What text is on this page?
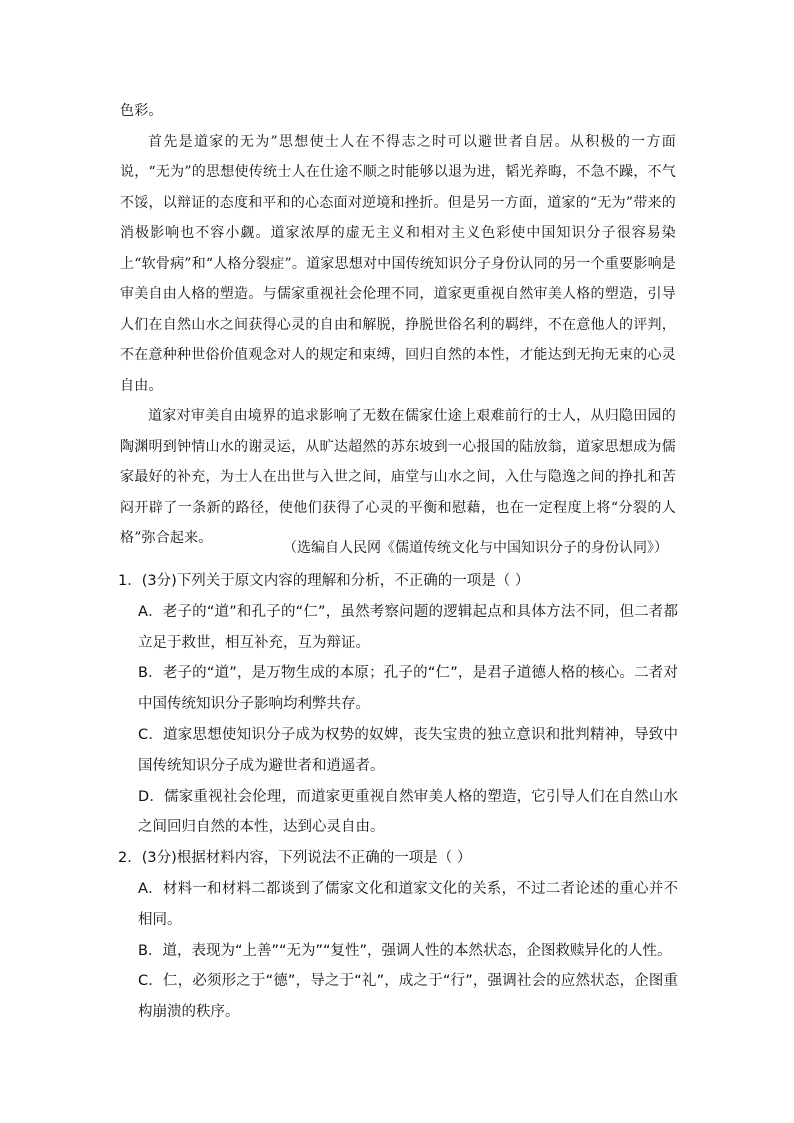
色彩。

首先是道家的无为”思想使士人在不得志之时可以避世者自居。从积极的一方面说，“无为”的思想使传统士人在仕途不顺之时能够以退为进，韬光养晦，不急不躁，不气不馁，以辩证的态度和平和的心态面对逆境和挫折。但是另一方面，道家的“无为”带来的消极影响也不容小觑。道家浓厚的虚无主义和相对主义色彩使中国知识分子很容易染上“软骨病”和“人格分裂症”。道家思想对中国传统知识分子身份认同的另一个重要影响是审美自由人格的塑造。与儒家重视社会伦理不同，道家更重视自然审美人格的塑造，引导人们在自然山水之间获得心灵的自由和解脱，挣脱世俗名利的羁绊，不在意他人的评判，不在意种种世俗价值观念对人的规定和束缚，回归自然的本性，才能达到无拘无束的心灵自由。

道家对审美自由境界的追求影响了无数在儒家仕途上艰难前行的士人，从归隐田园的陶渊明到钟情山水的谢灵运，从旷达超然的苏东坡到一心报国的陆放翁，道家思想成为儒家最好的补充，为士人在出世与入世之间，庙堂与山水之间，入仕与隐逸之间的挣扎和苦闷开辟了一条新的路径，使他们获得了心灵的平衡和慰藉，也在一定程度上将“分裂的人格”弥合起来。

（选编自人民网《儒道传统文化与中国知识分子的身份认同》）
1．(3分)下列关于原文内容的理解和分析，不正确的一项是（ ）
A．老子的“道”和孔子的“仁”，虽然考察问题的逻辑起点和具体方法不同，但二者都立足于救世，相互补充，互为辩证。
B．老子的“道”，是万物生成的本原；孔子的“仁”，是君子道德人格的核心。二者对中国传统知识分子影响均利弊共存。
C．道家思想使知识分子成为权势的奴婢，丧失宝贵的独立意识和批判精神，导致中国传统知识分子成为避世者和逍遥者。
D．儒家重视社会伦理，而道家更重视自然审美人格的塑造，它引导人们在自然山水之间回归自然的本性，达到心灵自由。
2．(3分)根据材料内容，下列说法不正确的一项是（ ）
A．材料一和材料二都谈到了儒家文化和道家文化的关系，不过二者论述的重心并不相同。
B．道，表现为“上善”“无为”“复性”，强调人性的本然状态，企图救赎异化的人性。
C．仁，必须形之于“德”，导之于“礼”，成之于“行”，强调社会的应然状态，企图重构崩溃的秩序。
